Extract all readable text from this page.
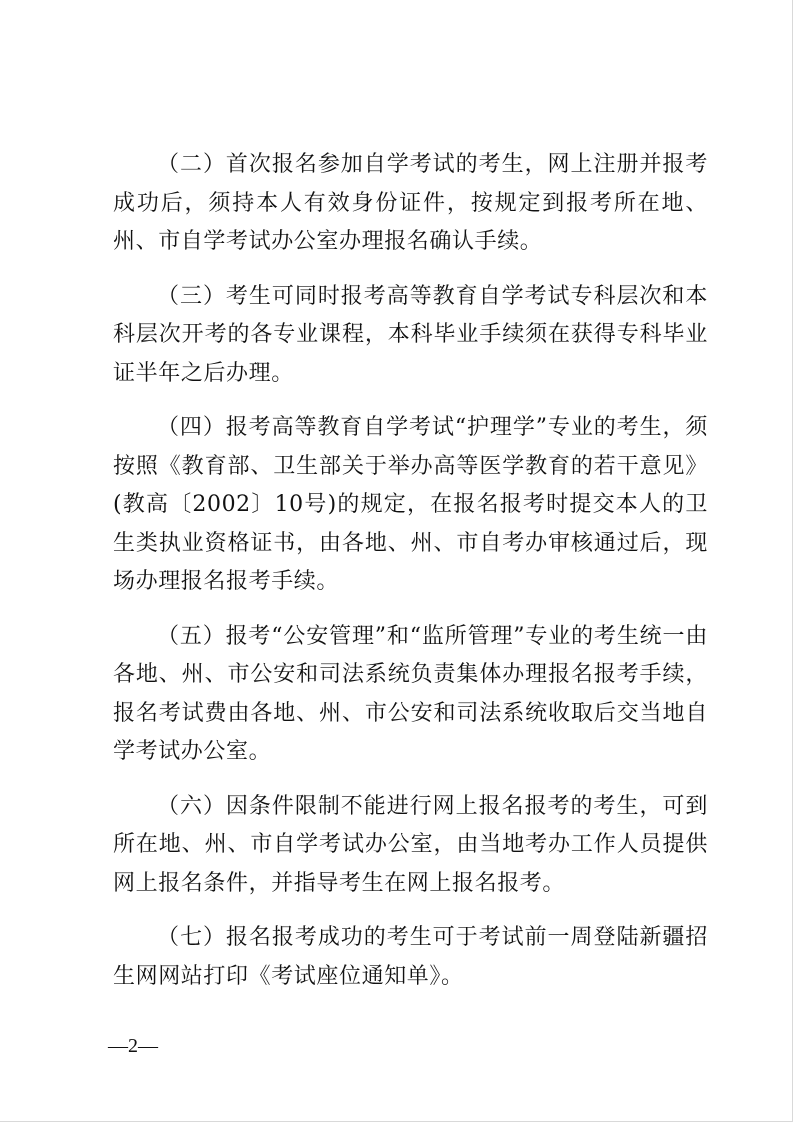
（二）首次报名参加自学考试的考生，网上注册并报考成功后，须持本人有效身份证件，按规定到报考所在地、州、市自学考试办公室办理报名确认手续。

（三）考生可同时报考高等教育自学考试专科层次和本科层次开考的各专业课程，本科毕业手续须在获得专科毕业证半年之后办理。

（四）报考高等教育自学考试“护理学”专业的考生，须按照《教育部、卫生部关于举办高等医学教育的若干意见》(教高〔2002〕10号)的规定，在报名报考时提交本人的卫生类执业资格证书，由各地、州、市自考办审核通过后，现场办理报名报考手续。

（五）报考“公安管理”和“监所管理”专业的考生统一由各地、州、市公安和司法系统负责集体办理报名报考手续，报名考试费由各地、州、市公安和司法系统收取后交当地自学考试办公室。

（六）因条件限制不能进行网上报名报考的考生，可到所在地、州、市自学考试办公室，由当地考办工作人员提供网上报名条件，并指导考生在网上报名报考。

（七）报名报考成功的考生可于考试前一周登陆新疆招生网网站打印《考试座位通知单》。

—2—
